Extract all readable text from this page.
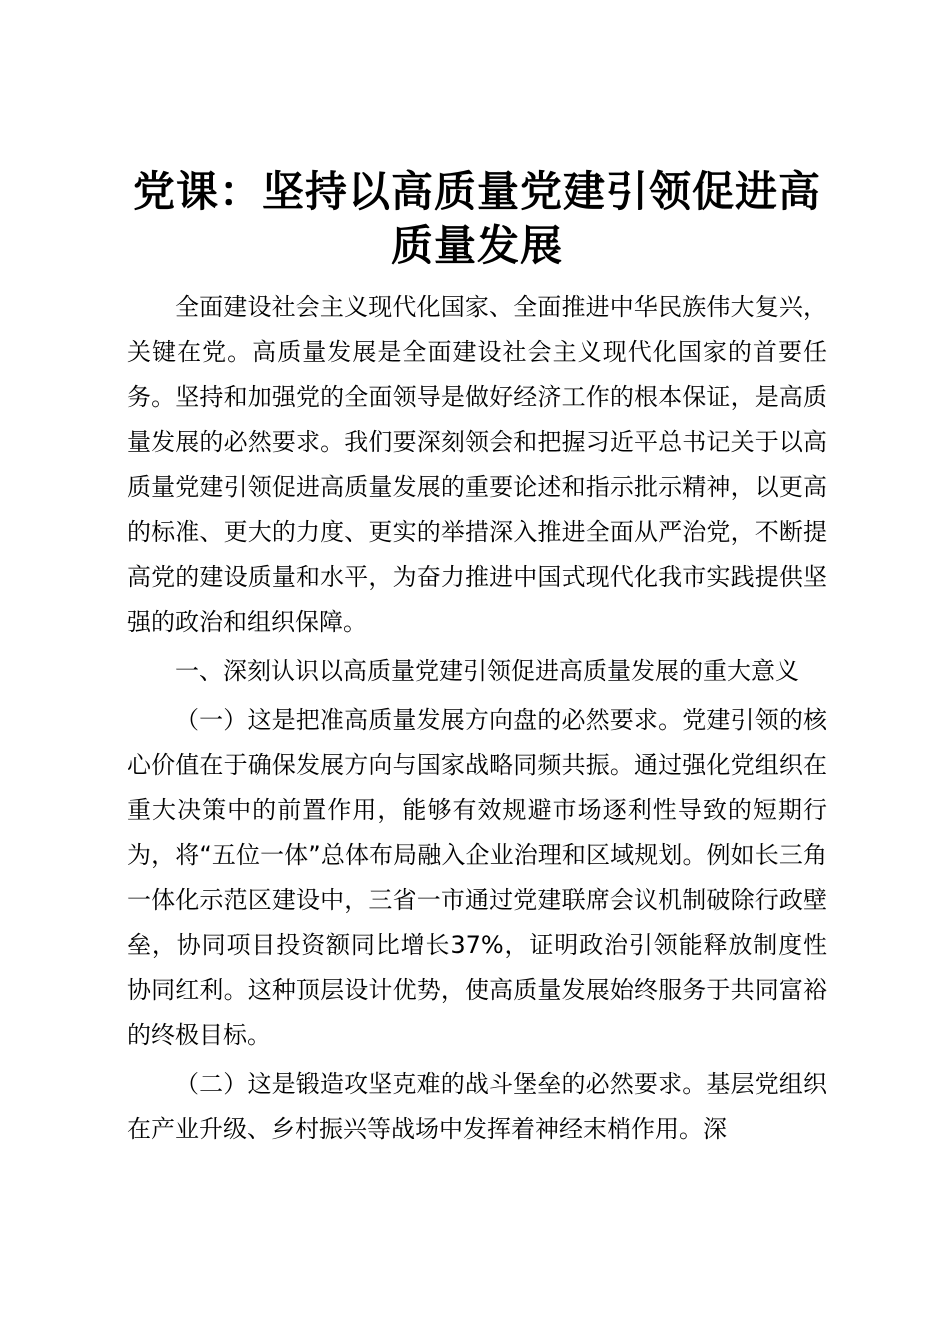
党课：坚持以高质量党建引领促进高质量发展

全面建设社会主义现代化国家、全面推进中华民族伟大复兴，关键在党。高质量发展是全面建设社会主义现代化国家的首要任务。坚持和加强党的全面领导是做好经济工作的根本保证，是高质量发展的必然要求。我们要深刻领会和把握习近平总书记关于以高质量党建引领促进高质量发展的重要论述和指示批示精神，以更高的标准、更大的力度、更实的举措深入推进全面从严治党，不断提高党的建设质量和水平，为奋力推进中国式现代化我市实践提供坚强的政治和组织保障。

一、深刻认识以高质量党建引领促进高质量发展的重大意义

（一）这是把准高质量发展方向盘的必然要求。党建引领的核心价值在于确保发展方向与国家战略同频共振。通过强化党组织在重大决策中的前置作用，能够有效规避市场逐利性导致的短期行为，将“五位一体”总体布局融入企业治理和区域规划。例如长三角一体化示范区建设中，三省一市通过党建联席会议机制破除行政壁垒，协同项目投资额同比增长37%，证明政治引领能释放制度性协同红利。这种顶层设计优势，使高质量发展始终服务于共同富裕的终极目标。

（二）这是锻造攻坚克难的战斗堡垒的必然要求。基层党组织在产业升级、乡村振兴等战场中发挥着神经末梢作用。深
